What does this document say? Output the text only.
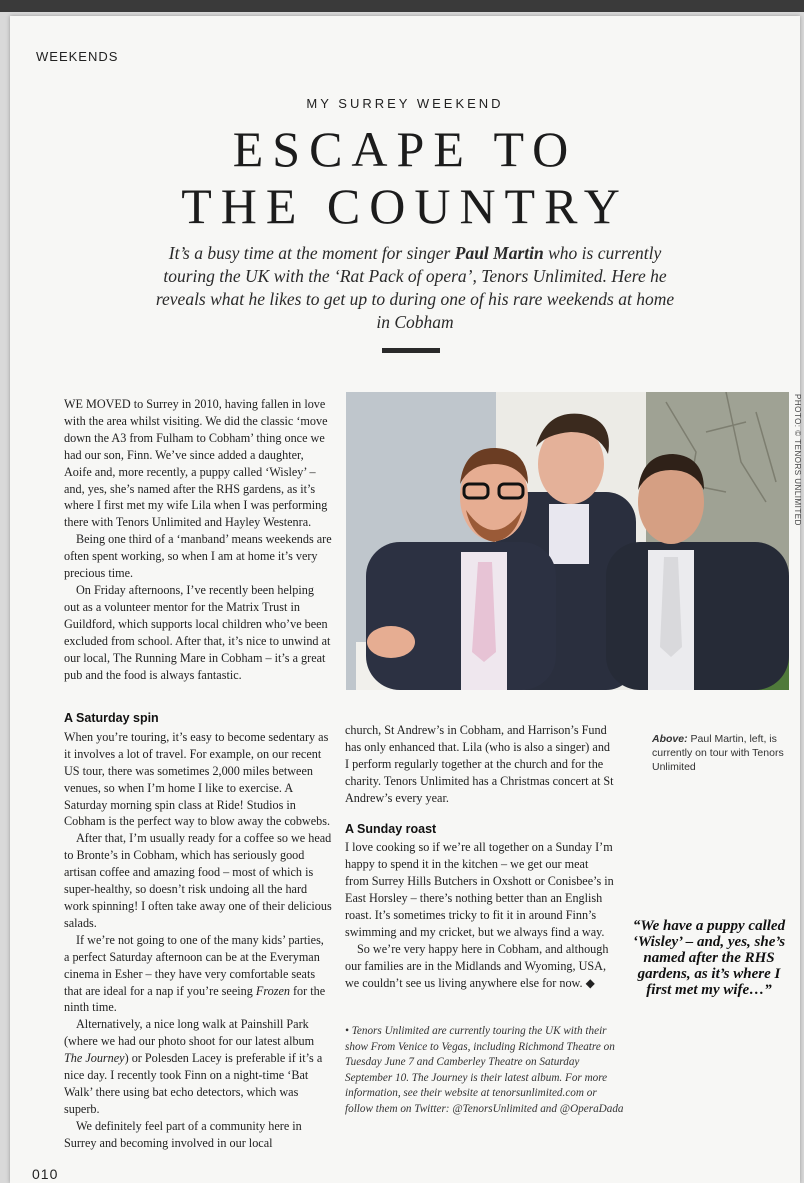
WEEKENDS
MY SURREY WEEKEND
ESCAPE TO
THE COUNTRY
It’s a busy time at the moment for singer Paul Martin who is currently touring the UK with the ‘Rat Pack of opera’, Tenors Unlimited. Here he reveals what he likes to get up to during one of his rare weekends at home in Cobham

WE MOVED to Surrey in 2010, having fallen in love with the area whilst visiting. We did the classic ‘move down the A3 from Fulham to Cobham’ thing once we had our son, Finn. We’ve since added a daughter, Aoife and, more recently, a puppy called ‘Wisley’ – and, yes, she’s named after the RHS gardens, as it’s where I first met my wife Lila when I was performing there with Tenors Unlimited and Hayley Westenra.

Being one third of a ‘manband’ means weekends are often spent working, so when I am at home it’s very precious time.

On Friday afternoons, I’ve recently been helping out as a volunteer mentor for the Matrix Trust in Guildford, which supports local children who’ve been excluded from school. After that, it’s nice to unwind at our local, The Running Mare in Cobham – it’s a great pub and the food is always fantastic.

PHOTO: © TENORS UNLIMITED
A Saturday spin

When you’re touring, it’s easy to become sedentary as it involves a lot of travel. For example, on our recent US tour, there was sometimes 2,000 miles between venues, so when I’m home I like to exercise. A Saturday morning spin class at Ride! Studios in Cobham is the perfect way to blow away the cobwebs.

After that, I’m usually ready for a coffee so we head to Bronte’s in Cobham, which has seriously good artisan coffee and amazing food – most of which is super-healthy, so doesn’t risk undoing all the hard work spinning! I often take away one of their delicious salads.

If we’re not going to one of the many kids’ parties, a perfect Saturday afternoon can be at the Everyman cinema in Esher – they have very comfortable seats that are ideal for a nap if you’re seeing Frozen for the ninth time.

Alternatively, a nice long walk at Painshill Park (where we had our photo shoot for our latest album The Journey) or Polesden Lacey is preferable if it’s a nice day. I recently took Finn on a night-time ‘Bat Walk’ there using bat echo detectors, which was superb.

We definitely feel part of a community here in Surrey and becoming involved in our local

church, St Andrew’s in Cobham, and Harrison’s Fund has only enhanced that. Lila (who is also a singer) and I perform regularly together at the church and for the charity. Tenors Unlimited has a Christmas concert at St Andrew’s every year.

A Sunday roast

I love cooking so if we’re all together on a Sunday I’m happy to spend it in the kitchen – we get our meat from Surrey Hills Butchers in Oxshott or Conisbee’s in East Horsley – there’s nothing better than an English roast. It’s sometimes tricky to fit it in around Finn’s swimming and my cricket, but we always find a way.

So we’re very happy here in Cobham, and although our families are in the Midlands and Wyoming, USA, we couldn’t see us living anywhere else for now. ◆

Above: Paul Martin, left, is currently on tour with Tenors Unlimited
“We have a puppy called ‘Wisley’ – and, yes, she’s named after the RHS gardens, as it’s where I first met my wife…”
• Tenors Unlimited are currently touring the UK with their show From Venice to Vegas, including Richmond Theatre on Tuesday June 7 and Camberley Theatre on Saturday September 10. The Journey is their latest album. For more information, see their website at tenorsunlimited.com or follow them on Twitter: @TenorsUnlimited and @OperaDada
010
